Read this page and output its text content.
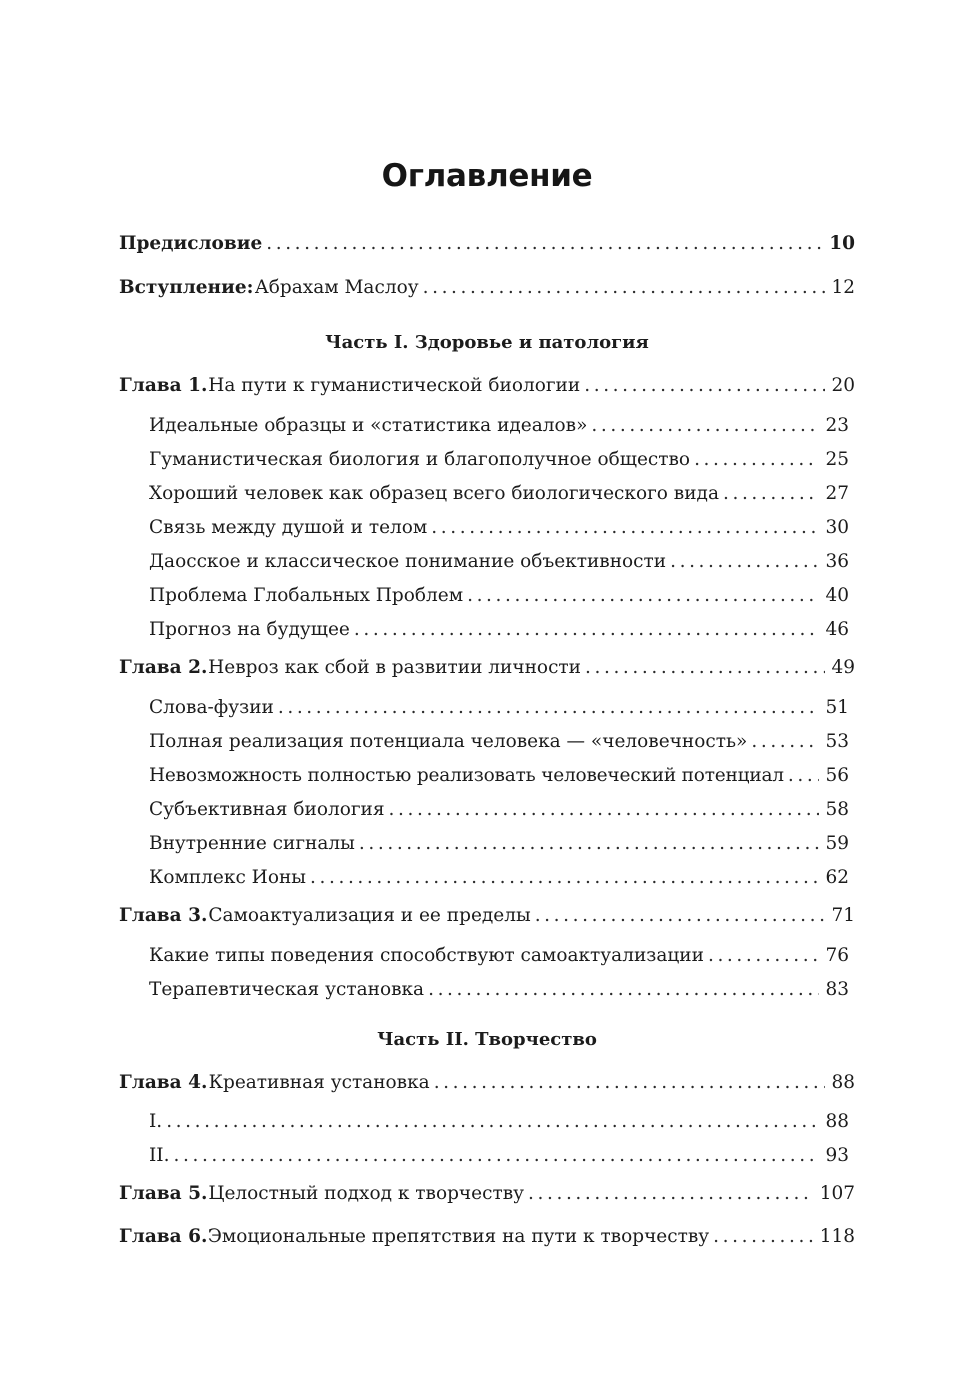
Оглавление
Предисловие .....	10
Вступление: Абрахам Маслоу .....	12
Часть I. Здоровье и патология
Глава 1. На пути к гуманистической биологии .....	20
Идеальные образцы и «статистика идеалов» .....	23
Гуманистическая биология и благополучное общество .....	25
Хороший человек как образец всего биологического вида .....	27
Связь между душой и телом .....	30
Даосское и классическое понимание объективности .....	36
Проблема Глобальных Проблем .....	40
Прогноз на будущее .....	46
Глава 2. Невроз как сбой в развитии личности .....	49
Слова-фузии .....	51
Полная реализация потенциала человека — «человечность» .....	53
Невозможность полностью реализовать человеческий потенциал ..... 56
Субъективная биология .....	58
Внутренние сигналы .....	59
Комплекс Ионы .....	62
Глава 3. Самоактуализация и ее пределы .....	71
Какие типы поведения способствуют самоактуализации .....	76
Терапевтическая установка .....	83
Часть II. Творчество
Глава 4. Креативная установка .....	88
I. .....	88
II. .....	93
Глава 5. Целостный подход к творчеству .....	107
Глава 6. Эмоциональные препятствия на пути к творчеству .....	118
